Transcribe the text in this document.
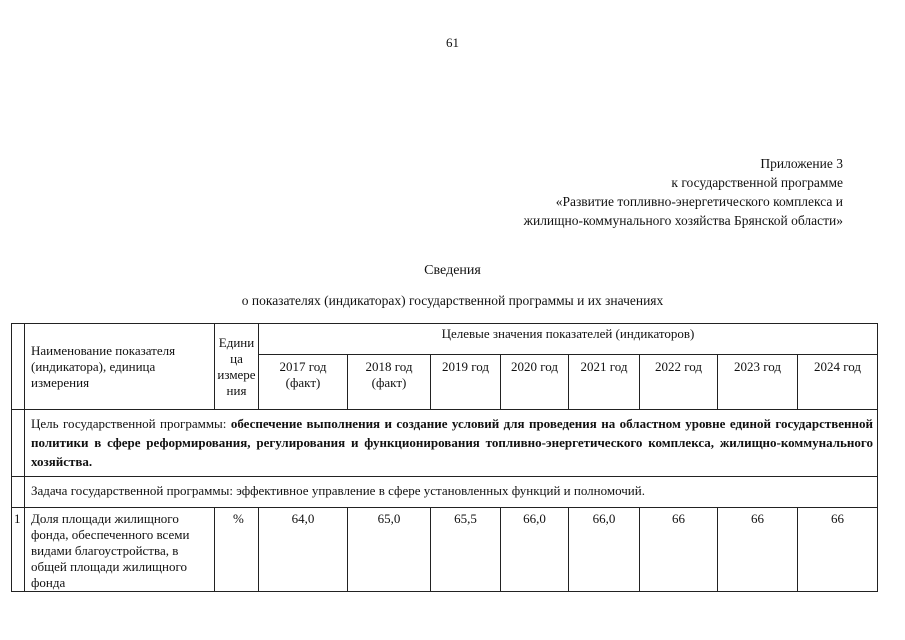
61
Приложение 3
к государственной программе
«Развитие топливно-энергетического комплекса и
жилищно-коммунального хозяйства Брянской области»
Сведения
о показателях (индикаторах) государственной программы и их значениях
	Наименование показателя (индикатора), единица измерения	Едини ца измере ния	Целевые значения показателей (индикаторов)							
			2017 год (факт)	2018 год (факт)	2019 год	2020 год	2021 год	2022 год	2023 год	2024 год
	Цель государственной программы: обеспечение выполнения и создание условий для проведения на областном уровне единой государственной политики в сфере реформирования, регулирования и функционирования топливно-энергетического комплекса, жилищно-коммунального хозяйства.									
	Задача государственной программы: эффективное управление в сфере установленных функций и полномочий.									
1	Доля площади жилищного фонда, обеспеченного всеми видами благоустройства, в общей площади жилищного фонда	%	64,0	65,0	65,5	66,0	66,0	66	66	66
